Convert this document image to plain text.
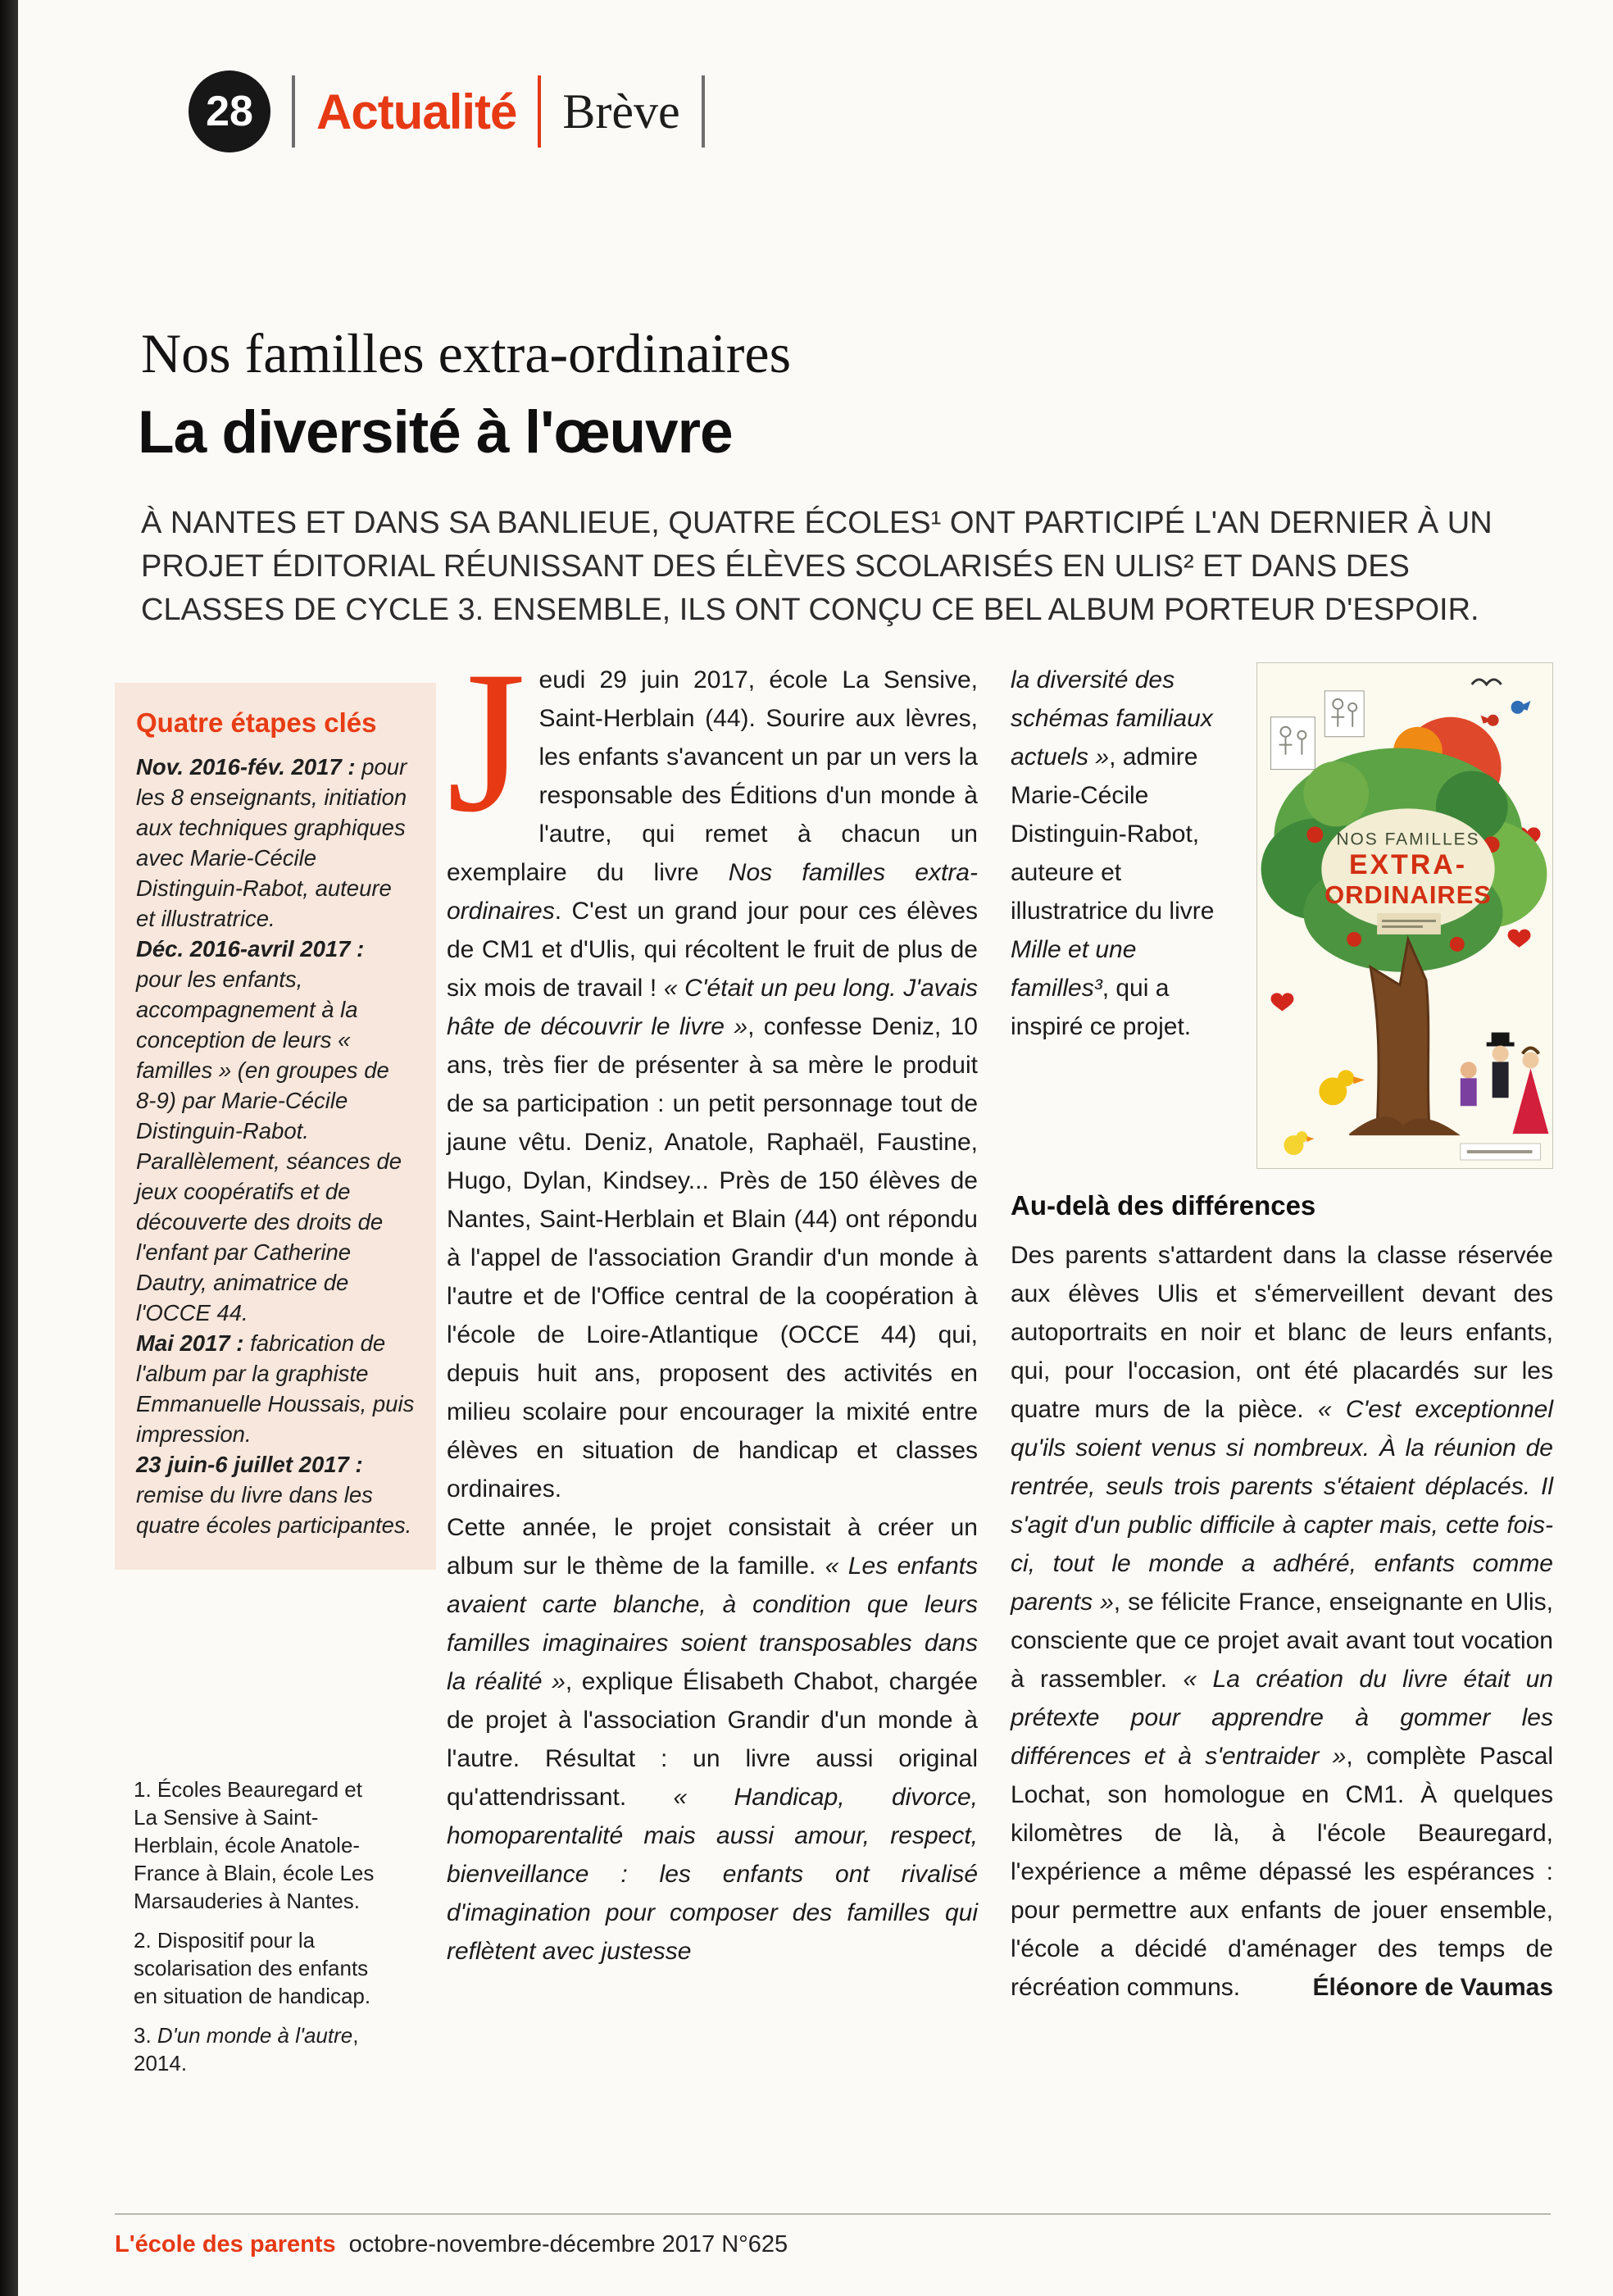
28 Actualité Brève
Nos familles extra-ordinaires
La diversité à l'œuvre
À NANTES ET DANS SA BANLIEUE, QUATRE ÉCOLES¹ ONT PARTICIPÉ L'AN DERNIER À UN PROJET ÉDITORIAL RÉUNISSANT DES ÉLÈVES SCOLARISÉS EN ULIS² ET DANS DES CLASSES DE CYCLE 3. ENSEMBLE, ILS ONT CONÇU CE BEL ALBUM PORTEUR D'ESPOIR.
Quatre étapes clés

Nov. 2016-fév. 2017 : pour les 8 enseignants, initiation aux techniques graphiques avec Marie-Cécile Distinguin-Rabot, auteure et illustratrice.

Déc. 2016-avril 2017 : pour les enfants, accompagnement à la conception de leurs « familles » (en groupes de 8-9) par Marie-Cécile Distinguin-Rabot. Parallèlement, séances de jeux coopératifs et de découverte des droits de l'enfant par Catherine Dautry, animatrice de l'OCCE 44.

Mai 2017 : fabrication de l'album par la graphiste Emmanuelle Houssais, puis impression.

23 juin-6 juillet 2017 : remise du livre dans les quatre écoles participantes.

1. Écoles Beauregard et La Sensive à Saint-Herblain, école Anatole-France à Blain, école Les Marsauderies à Nantes.

2. Dispositif pour la scolarisation des enfants en situation de handicap.

3. D'un monde à l'autre, 2014.

J eudi 29 juin 2017, école La Sensive, Saint-Herblain (44). Sourire aux lèvres, les enfants s'avancent un par un vers la responsable des Éditions d'un monde à l'autre, qui remet à chacun un exemplaire du livre Nos familles extra-ordinaires. C'est un grand jour pour ces élèves de CM1 et d'Ulis, qui récoltent le fruit de plus de six mois de travail ! « C'était un peu long. J'avais hâte de découvrir le livre », confesse Deniz, 10 ans, très fier de présenter à sa mère le produit de sa participation : un petit personnage tout de jaune vêtu. Deniz, Anatole, Raphaël, Faustine, Hugo, Dylan, Kindsey... Près de 150 élèves de Nantes, Saint-Herblain et Blain (44) ont répondu à l'appel de l'association Grandir d'un monde à l'autre et de l'Office central de la coopération à l'école de Loire-Atlantique (OCCE 44) qui, depuis huit ans, proposent des activités en milieu scolaire pour encourager la mixité entre élèves en situation de handicap et classes ordinaires.

Cette année, le projet consistait à créer un album sur le thème de la famille. « Les enfants avaient carte blanche, à condition que leurs familles imaginaires soient transposables dans la réalité », explique Élisabeth Chabot, chargée de projet à l'association Grandir d'un monde à l'autre. Résultat : un livre aussi original qu'attendrissant. « Handicap, divorce, homoparentalité mais aussi amour, respect, bienveillance : les enfants ont rivalisé d'imagination pour composer des familles qui reflètent avec justesse

NOS FAMILLES
EXTRA-
ORDINAIRES

la diversité des schémas familiaux actuels », admire Marie-Cécile Distinguin-Rabot, auteure et illustratrice du livre Mille et une familles³, qui a inspiré ce projet.

Au-delà des différences

Des parents s'attardent dans la classe réservée aux élèves Ulis et s'émerveillent devant des autoportraits en noir et blanc de leurs enfants, qui, pour l'occasion, ont été placardés sur les quatre murs de la pièce. « C'est exceptionnel qu'ils soient venus si nombreux. À la réunion de rentrée, seuls trois parents s'étaient déplacés. Il s'agit d'un public difficile à capter mais, cette fois-ci, tout le monde a adhéré, enfants comme parents », se félicite France, enseignante en Ulis, consciente que ce projet avait avant tout vocation à rassembler. « La création du livre était un prétexte pour apprendre à gommer les différences et à s'entraider », complète Pascal Lochat, son homologue en CM1. À quelques kilomètres de là, à l'école Beauregard, l'expérience a même dépassé les espérances : pour permettre aux enfants de jouer ensemble, l'école a décidé d'aménager des temps de récréation communs.	Éléonore de Vaumas

L'école des parents octobre-novembre-décembre 2017 N°625
